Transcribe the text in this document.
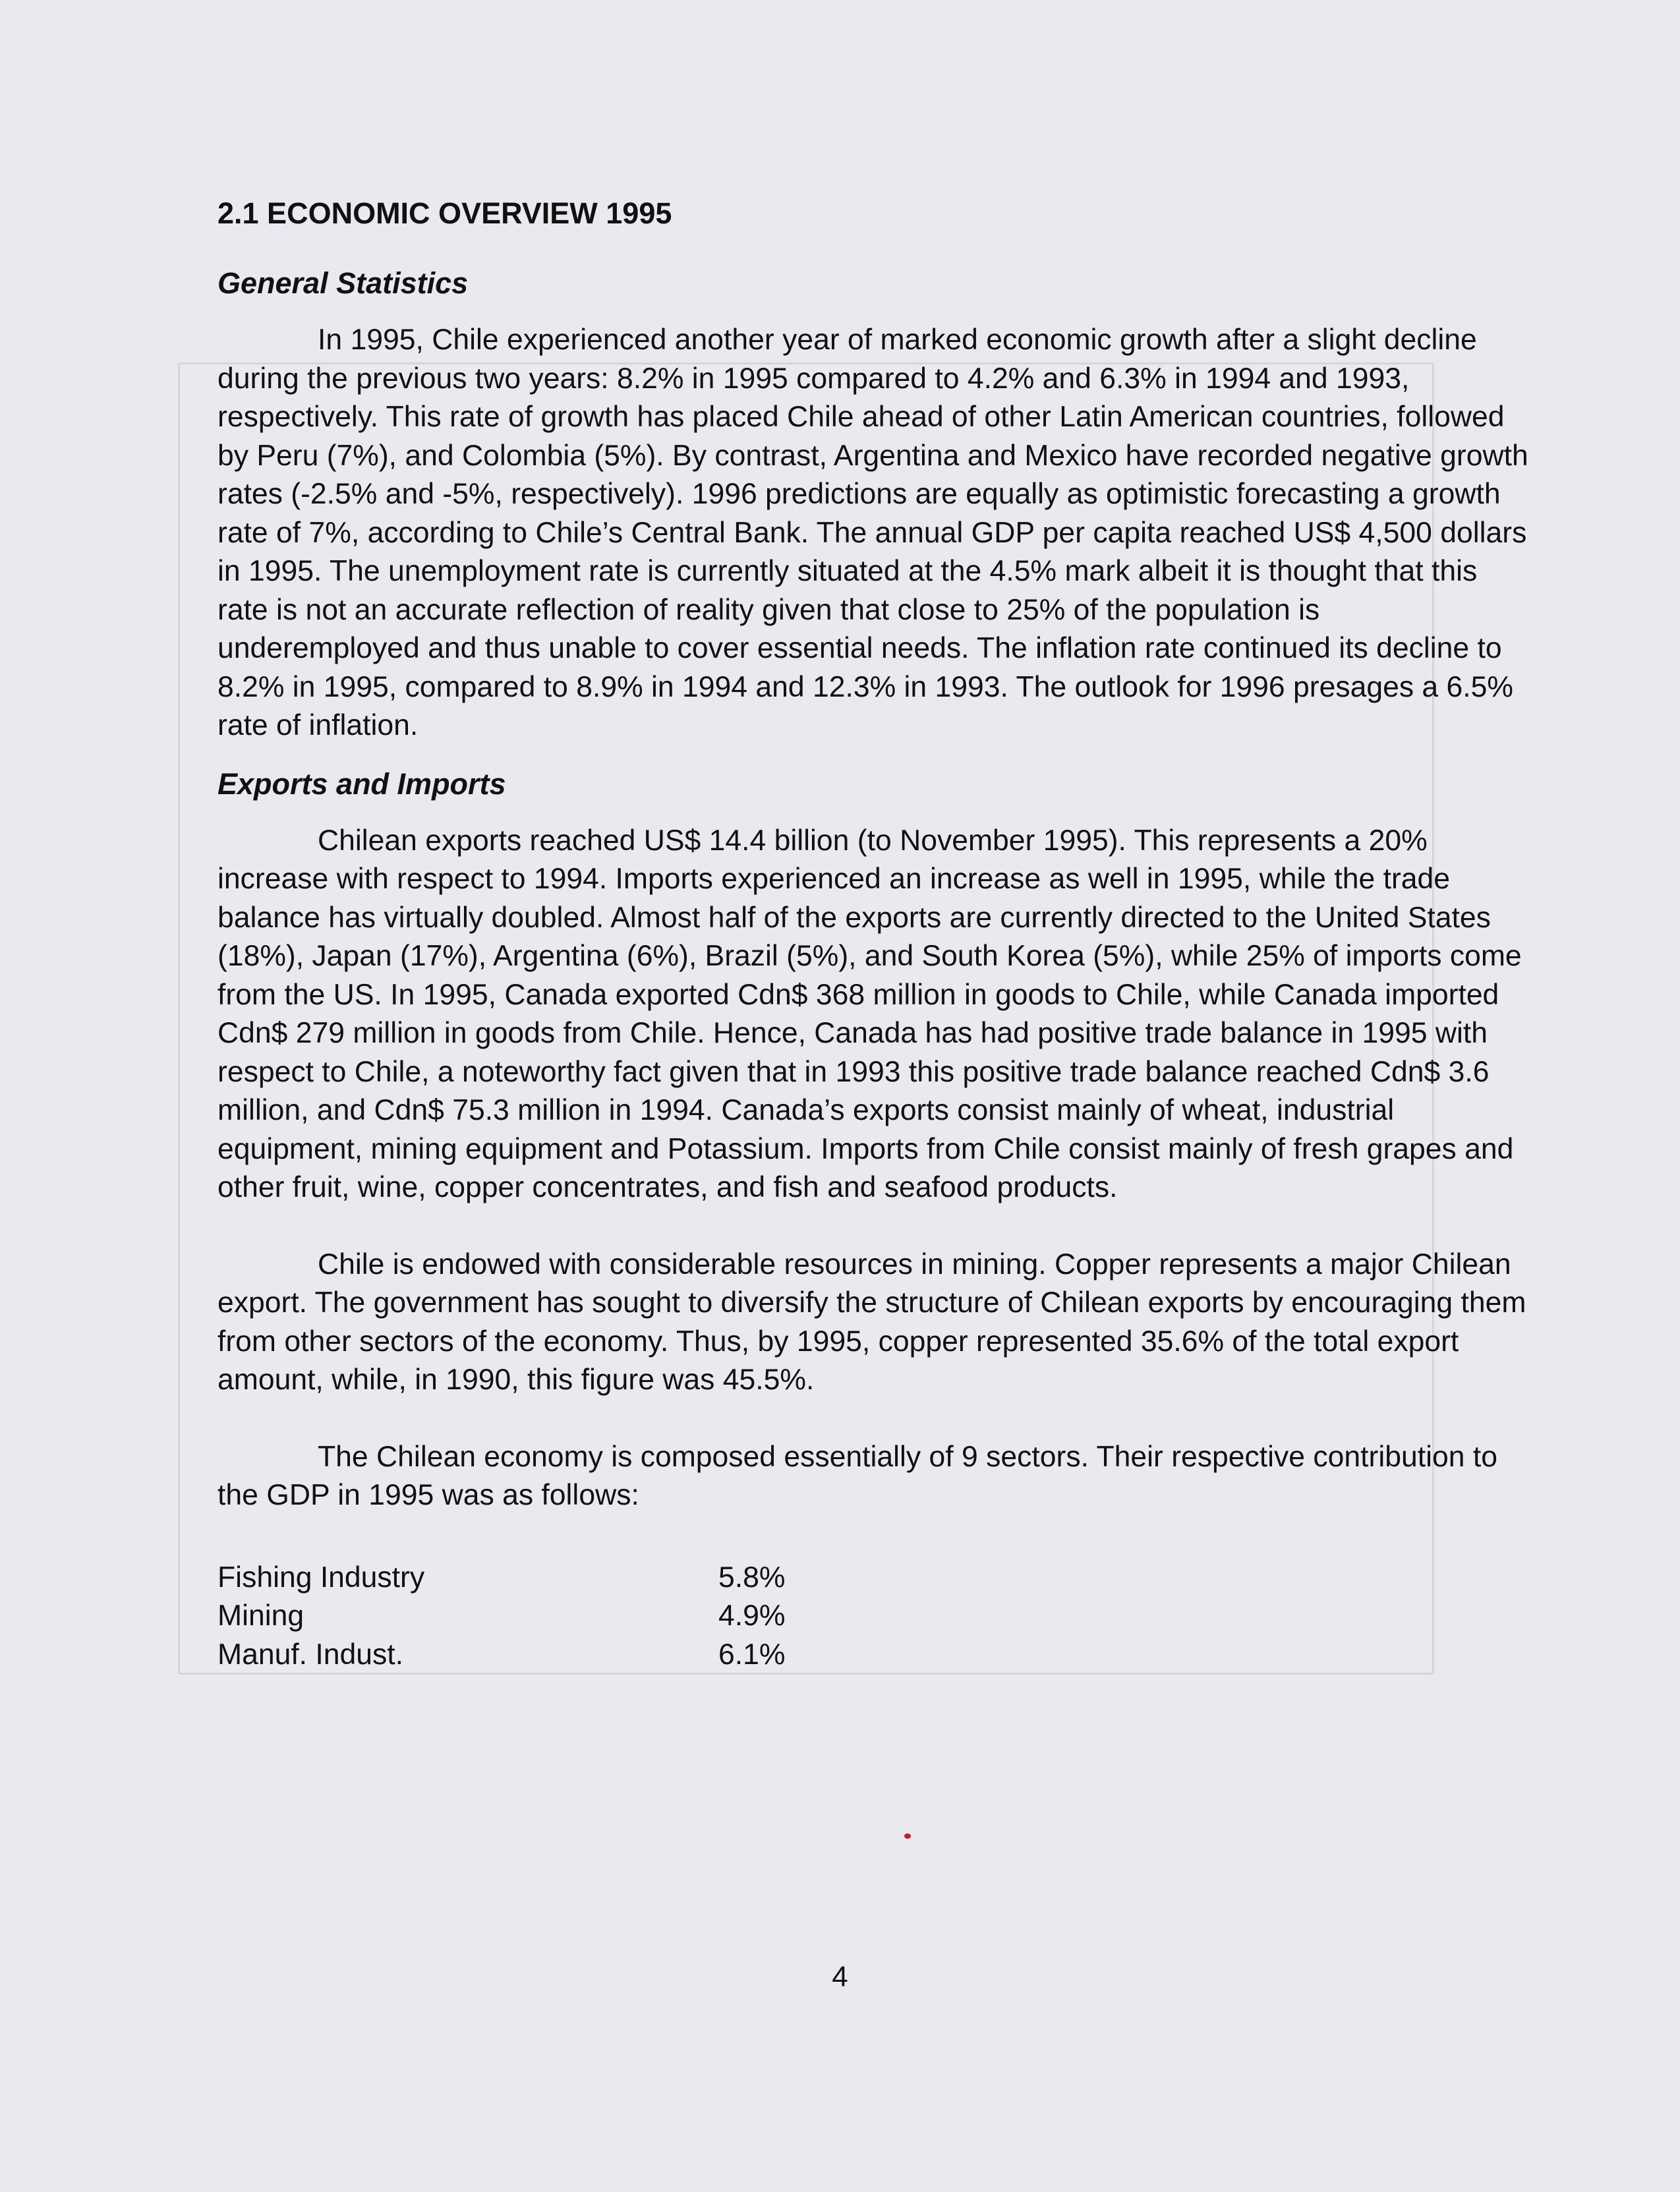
2.1 ECONOMIC OVERVIEW 1995
General Statistics

In 1995, Chile experienced another year of marked economic growth after a slight decline during the previous two years: 8.2% in 1995 compared to 4.2% and 6.3% in 1994 and 1993, respectively. This rate of growth has placed Chile ahead of other Latin American countries, followed by Peru (7%), and Colombia (5%). By contrast, Argentina and Mexico have recorded negative growth rates (-2.5% and -5%, respectively). 1996 predictions are equally as optimistic forecasting a growth rate of 7%, according to Chile’s Central Bank. The annual GDP per capita reached US$ 4,500 dollars in 1995. The unemployment rate is currently situated at the 4.5% mark albeit it is thought that this rate is not an accurate reflection of reality given that close to 25% of the population is underemployed and thus unable to cover essential needs. The inflation rate continued its decline to 8.2% in 1995, compared to 8.9% in 1994 and 12.3% in 1993. The outlook for 1996 presages a 6.5% rate of inflation.

Exports and Imports

Chilean exports reached US$ 14.4 billion (to November 1995). This represents a 20% increase with respect to 1994. Imports experienced an increase as well in 1995, while the trade balance has virtually doubled. Almost half of the exports are currently directed to the United States (18%), Japan (17%), Argentina (6%), Brazil (5%), and South Korea (5%), while 25% of imports come from the US. In 1995, Canada exported Cdn$ 368 million in goods to Chile, while Canada imported Cdn$ 279 million in goods from Chile. Hence, Canada has had positive trade balance in 1995 with respect to Chile, a noteworthy fact given that in 1993 this positive trade balance reached Cdn$ 3.6 million, and Cdn$ 75.3 million in 1994. Canada’s exports consist mainly of wheat, industrial equipment, mining equipment and Potassium. Imports from Chile consist mainly of fresh grapes and other fruit, wine, copper concentrates, and fish and seafood products.

Chile is endowed with considerable resources in mining. Copper represents a major Chilean export. The government has sought to diversify the structure of Chilean exports by encouraging them from other sectors of the economy. Thus, by 1995, copper represented 35.6% of the total export amount, while, in 1990, this figure was 45.5%.

The Chilean economy is composed essentially of 9 sectors. Their respective contribution to the GDP in 1995 was as follows:

Fishing Industry	5.8%
Mining	4.9%
Manuf. Indust.	6.1%
4
